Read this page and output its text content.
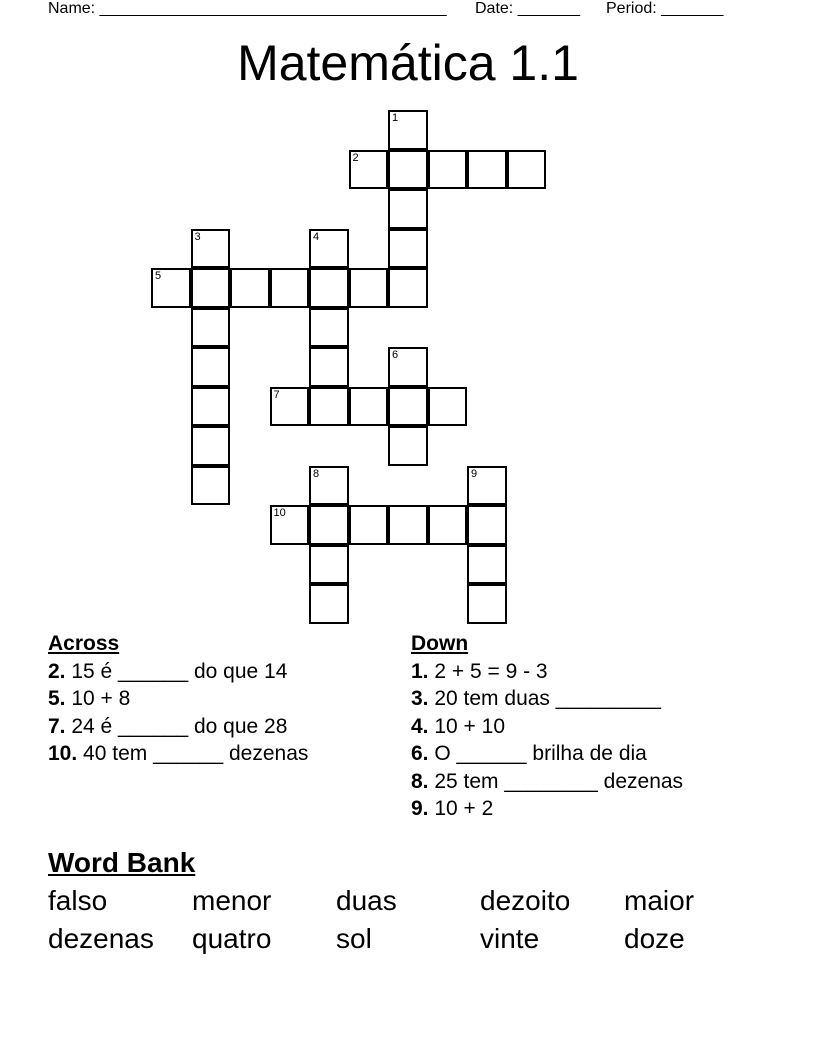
Name: _______________________________________ Date: _______ Period: _______
Matemática 1.1
1
2
3	4
5
6
7
8	9
10
Across
2. 15 é ______ do que 14
5. 10 + 8
7. 24 é ______ do que 28
10. 40 tem ______ dezenas
Down
1. 2 + 5 = 9 - 3
3. 20 tem duas _________
4. 10 + 10
6. O ______ brilha de dia
8. 25 tem ________ dezenas
9. 10 + 2
Word Bank
falso	menor duas	dezoito maior
dezenas quatro sol	vinte	doze
